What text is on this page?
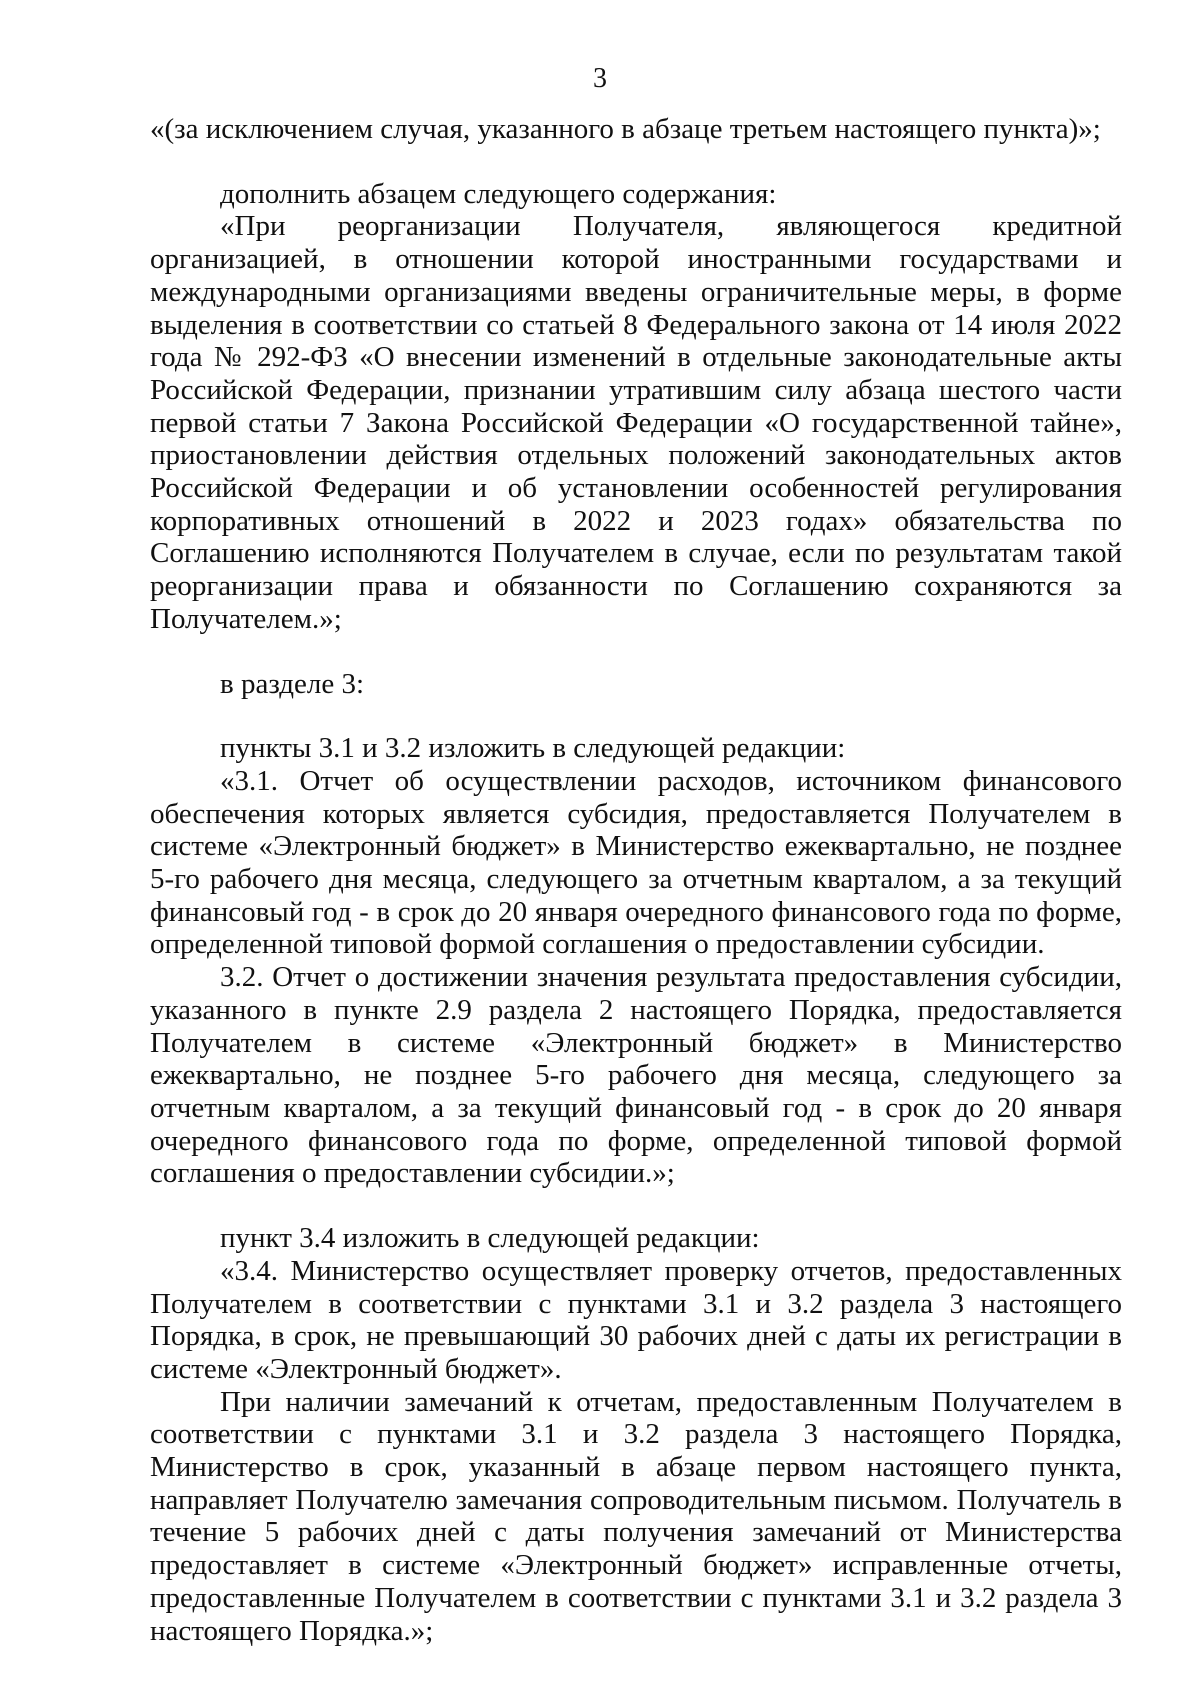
3

«(за исключением случая, указанного в абзаце третьем настоящего пункта)»;

дополнить абзацем следующего содержания:

«При реорганизации Получателя, являющегося кредитной организацией, в отношении которой иностранными государствами и международными организациями введены ограничительные меры, в форме выделения в соответствии со статьей 8 Федерального закона от 14 июля 2022 года № 292-ФЗ «О внесении изменений в отдельные законодательные акты Российской Федерации, признании утратившим силу абзаца шестого части первой статьи 7 Закона Российской Федерации «О государственной тайне», приостановлении действия отдельных положений законодательных актов Российской Федерации и об установлении особенностей регулирования корпоративных отношений в 2022 и 2023 годах» обязательства по Соглашению исполняются Получателем в случае, если по результатам такой реорганизации права и обязанности по Соглашению сохраняются за Получателем.»;

в разделе 3:

пункты 3.1 и 3.2 изложить в следующей редакции:

«3.1. Отчет об осуществлении расходов, источником финансового обеспечения которых является субсидия, предоставляется Получателем в системе «Электронный бюджет» в Министерство ежеквартально, не позднее 5-го рабочего дня месяца, следующего за отчетным кварталом, а за текущий финансовый год - в срок до 20 января очередного финансового года по форме, определенной типовой формой соглашения о предоставлении субсидии.

3.2. Отчет о достижении значения результата предоставления субсидии, указанного в пункте 2.9 раздела 2 настоящего Порядка, предоставляется Получателем в системе «Электронный бюджет» в Министерство ежеквартально, не позднее 5-го рабочего дня месяца, следующего за отчетным кварталом, а за текущий финансовый год - в срок до 20 января очередного финансового года по форме, определенной типовой формой соглашения о предоставлении субсидии.»;

пункт 3.4 изложить в следующей редакции:

«3.4. Министерство осуществляет проверку отчетов, предоставленных Получателем в соответствии с пунктами 3.1 и 3.2 раздела 3 настоящего Порядка, в срок, не превышающий 30 рабочих дней с даты их регистрации в системе «Электронный бюджет».

При наличии замечаний к отчетам, предоставленным Получателем в соответствии с пунктами 3.1 и 3.2 раздела 3 настоящего Порядка, Министерство в срок, указанный в абзаце первом настоящего пункта, направляет Получателю замечания сопроводительным письмом. Получатель в течение 5 рабочих дней с даты получения замечаний от Министерства предоставляет в системе «Электронный бюджет» исправленные отчеты, предоставленные Получателем в соответствии с пунктами 3.1 и 3.2 раздела 3 настоящего Порядка.»;
